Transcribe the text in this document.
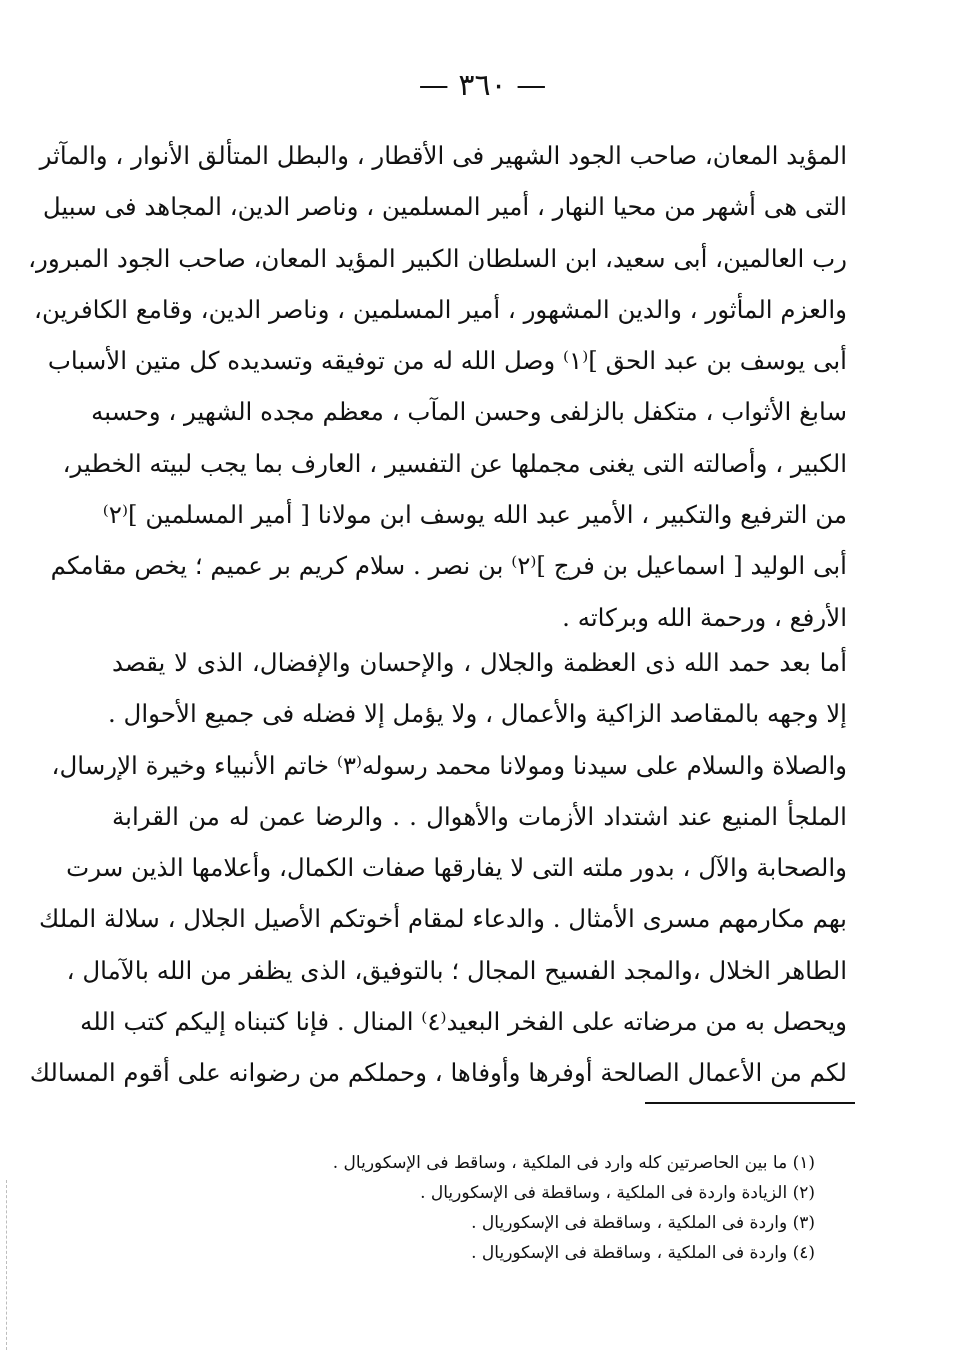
— ٣٦٠ —
المؤيد المعان، صاحب الجود الشهير فى الأقطار ، والبطل المتألق الأنوار ، والمآثر
التى هى أشهر من محيا النهار ، أمير المسلمين ، وناصر الدين، المجاهد فى سبيل
رب العالمين، أبى سعيد، ابن السلطان الكبير المؤيد المعان، صاحب الجود المبرور،
والعزم المأثور ، والدين المشهور ، أمير المسلمين ، وناصر الدين، وقامع الكافرين،
أبى يوسف بن عبد الحق ]⁽١⁾ وصل الله له من توفيقه وتسديده كل متين الأسباب
سابغ الأثواب ، متكفل بالزلفى وحسن المآب ، معظم مجده الشهير ، وحسبه
الكبير ، وأصالته التى يغنى مجملها عن التفسير ، العارف بما يجب لبيته الخطير،
من الترفيع والتكبير ، الأمير عبد الله يوسف ابن مولانا [ أمير المسلمين ]⁽٢⁾
أبى الوليد [ اسماعيل بن فرج ]⁽٢⁾ بن نصر . سلام كريم بر عميم ؛ يخص مقامكم
الأرفع ، ورحمة الله وبركاته .
أما بعد حمد الله ذى العظمة والجلال ، والإحسان والإفضال، الذى لا يقصد
إلا وجهه بالمقاصد الزاكية والأعمال ، ولا يؤمل إلا فضله فى جميع الأحوال .
والصلاة والسلام على سيدنا ومولانا محمد رسوله⁽٣⁾ خاتم الأنبياء وخيرة الإرسال،
الملجأ المنيع عند اشتداد الأزمات والأهوال . . والرضا عمن له من القرابة
والصحابة والآل ، بدور ملته التى لا يفارقها صفات الكمال، وأعلامها الذين سرت
بهم مكارمهم مسرى الأمثال . والدعاء لمقام أخوتكم الأصيل الجلال ، سلالة الملك
الطاهر الخلال ،والمجد الفسيح المجال ؛ بالتوفيق، الذى يظفر من الله بالآمال ،
ويحصل به من مرضاته على الفخر البعيد⁽٤⁾ المنال . فإنا كتبناه إليكم كتب الله
لكم من الأعمال الصالحة أوفرها وأوفاها ، وحملكم من رضوانه على أقوم المسالك
(١) ما بين الحاصرتين كله وارد فى الملكية ، وساقط فى الإسكوريال .
(٢) الزيادة واردة فى الملكية ، وساقطة فى الإسكوريال .
(٣) واردة فى الملكية ، وساقطة فى الإسكوريال .
(٤) واردة فى الملكية ، وساقطة فى الإسكوريال .
